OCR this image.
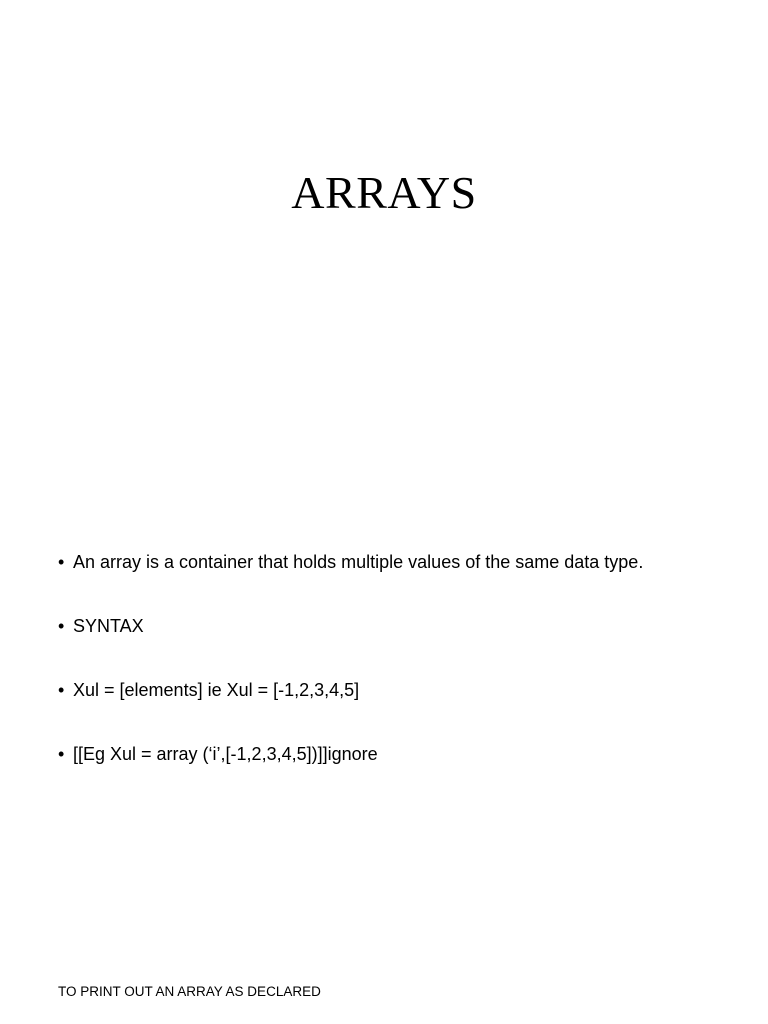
ARRAYS
• An array is a container that holds multiple values of the same data type.
• SYNTAX
• Xul = [elements] ie Xul = [-1,2,3,4,5]
• [[Eg Xul = array (‘i’,[-1,2,3,4,5])]]ignore
TO PRINT OUT AN ARRAY AS DECLARED
